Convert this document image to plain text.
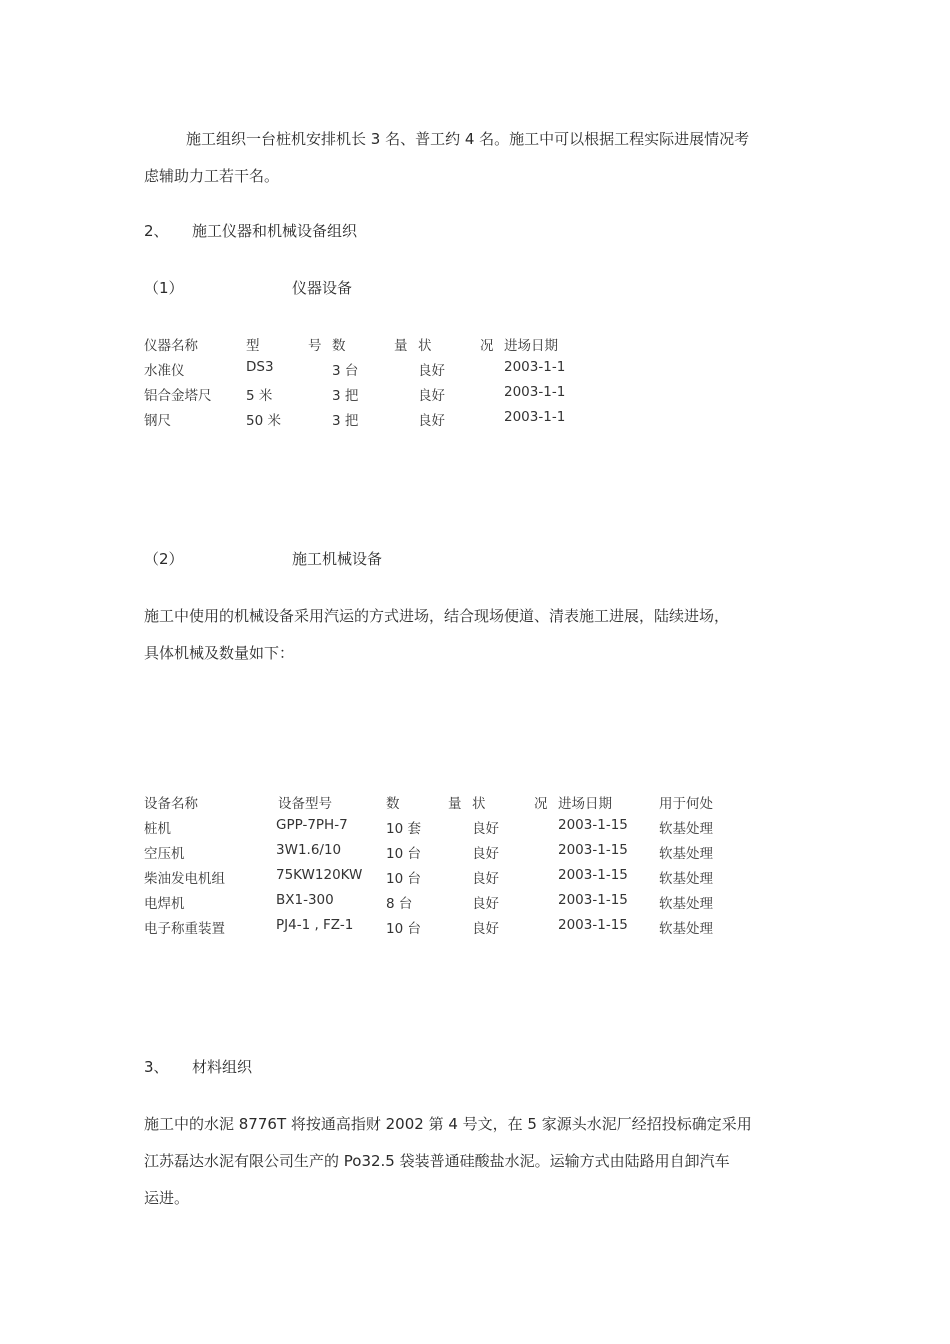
施工组织一台桩机安排机长 3 名、普工约 4 名。施工中可以根据工程实际进展情况考
虑辅助力工若干名。
2、 施工仪器和机械设备组织
（1）	仪器设备
仪器名称	型	号 数	量 状	况 进场日期
水准仪	DS3	3 台	良好	2003-1-1
铝合金塔尺	5 米	3 把	良好	2003-1-1
钢尺	50 米	3 把	良好	2003-1-1
（2）	施工机械设备
施工中使用的机械设备采用汽运的方式进场，结合现场便道、清表施工进展，陆续进场，
具体机械及数量如下：
设备名称	设备型号	数	量 状	况 进场日期	用于何处
桩机	GPP-7PH-7	10 套	良好	2003-1-15 软基处理
空压机	3W1.6/10	10 台	良好	2003-1-15 软基处理
柴油发电机组	75KW120KW 10 台	良好	2003-1-15 软基处理
电焊机	BX1-300	8 台	良好	2003-1-15 软基处理
电子称重装置	PJ4-1 , FZ-1 10 台	良好	2003-1-15 软基处理
3、 材料组织
施工中的水泥 8776T 将按通高指财 2002 第 4 号文，在 5 家源头水泥厂经招投标确定采用
江苏磊达水泥有限公司生产的 Po32.5 袋装普通硅酸盐水泥。运输方式由陆路用自卸汽车
运进。
